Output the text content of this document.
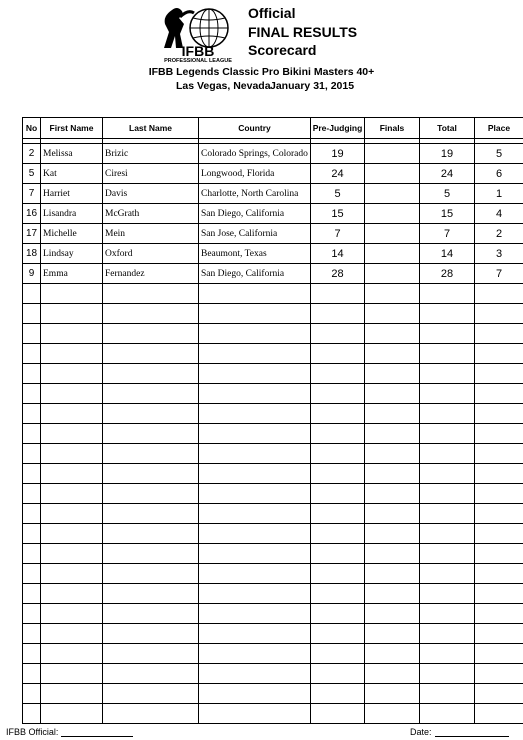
IFBB
PROFESSIONAL LEAGUE
Official
FINAL RESULTS
Scorecard
IFBB Legends Classic Pro Bikini Masters 40+
Las Vegas, Nevada January 31, 2015
No	First Name	Last Name	Country	Pre-Judging	Finals	Total	Place

2	Melissa	Brizic	Colorado Springs, Colorado	19		19	5
5	Kat	Ciresi	Longwood, Florida	24		24	6
7	Harriet	Davis	Charlotte, North Carolina	5		5	1
16	Lisandra	McGrath	San Diego, California	15		15	4
17	Michelle	Mein	San Jose, California	7		7	2
18	Lindsay	Oxford	Beaumont, Texas	14		14	3
9	Emma	Fernandez	San Diego, California	28		28	7

IFBB Official:	Date:
